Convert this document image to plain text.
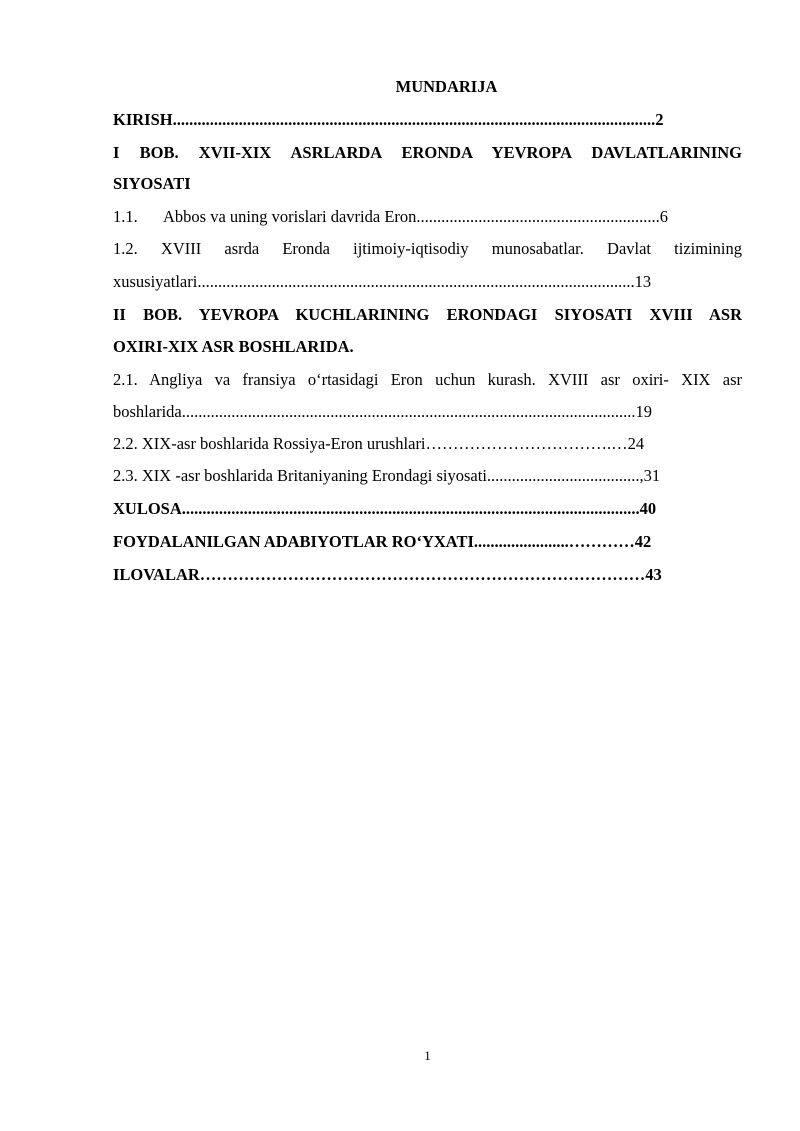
MUNDARIJA
KIRISH.....................................................................................................................2
I BOB. XVII-XIX ASRLARDA ERONDA YEVROPA DAVLATLARINING
SIYOSATI
1.1. Abbos va uning vorislari davrida Eron...........................................................6
1.2. XVIII asrda Eronda ijtimoiy-iqtisodiy munosabatlar. Davlat tizimining
xususiyatlari..........................................................................................................13
II BOB. YEVROPA KUCHLARINING ERONDAGI SIYOSATI XVIII ASR
OXIRI-XIX ASR BOSHLARIDA.
2.1. Angliya va fransiya o‘rtasidagi Eron uchun kurash. XVIII asr oxiri- XIX asr
boshlarida..............................................................................................................19
2.2. XIX-asr boshlarida Rossiya-Eron urushlari…………………………….…24
2.3. XIX -asr boshlarida Britaniyaning Erondagi siyosati.....................................,31
XULOSA...............................................................................................................40
FOYDALANILGAN ADABIYOTLAR RO‘YXATI.......................…………42
ILOVALAR………………………………………………………………………43
1
